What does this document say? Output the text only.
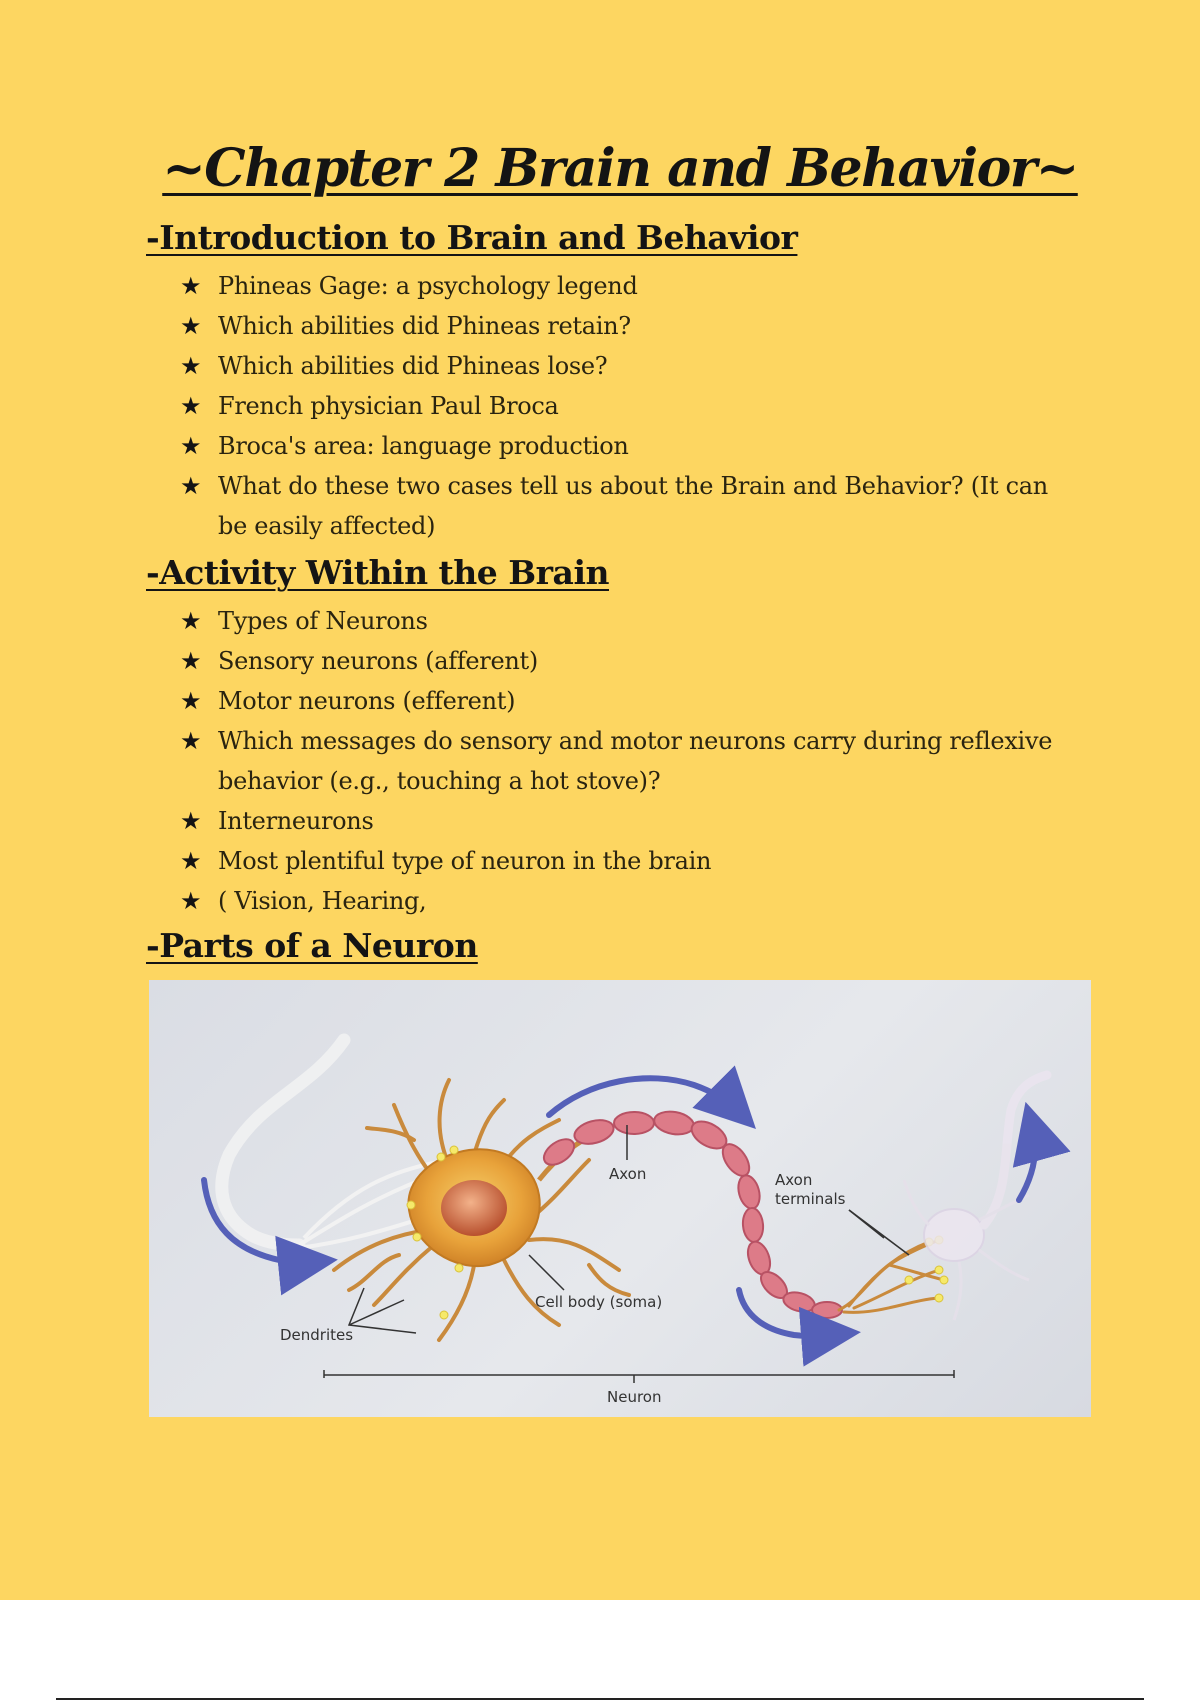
~Chapter 2 Brain and Behavior~
-Introduction to Brain and Behavior
★ Phineas Gage: a psychology legend
★ Which abilities did Phineas retain?
★ Which abilities did Phineas lose?
★ French physician Paul Broca
★ Broca's area: language production
★ What do these two cases tell us about the Brain and Behavior? (It can be easily affected)
-Activity Within the Brain
★ Types of Neurons
★ Sensory neurons (afferent)
★ Motor neurons (efferent)
★ Which messages do sensory and motor neurons carry during reflexive behavior (e.g., touching a hot stove)?
★ Interneurons
★ Most plentiful type of neuron in the brain
★ ( Vision, Hearing,
-Parts of a Neuron
Axon	Axon
terminals
Cell body (soma)
Dendrites
Neuron
